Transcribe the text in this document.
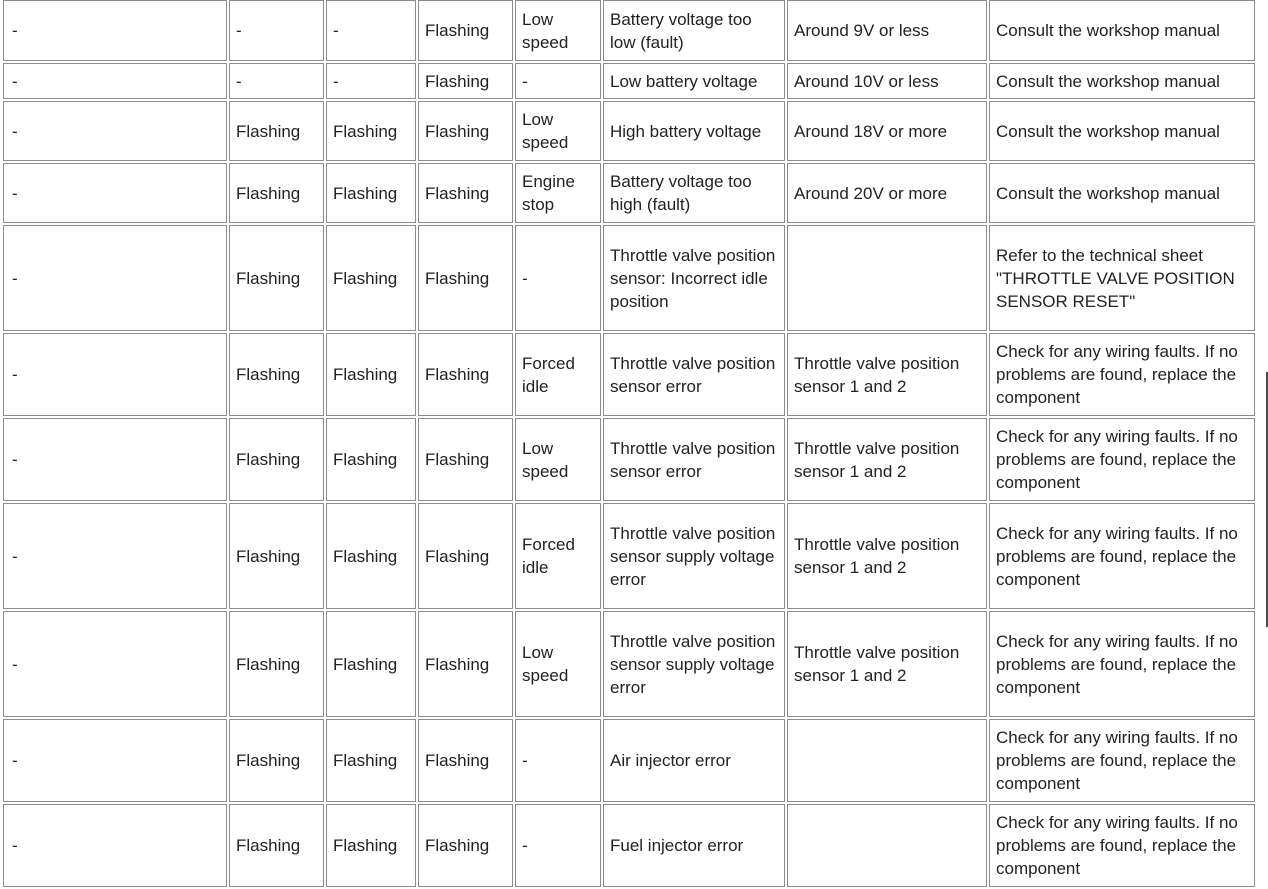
-	-	-	Flashing	Low speed	Battery voltage too low (fault)	Around 9V or less	Consult the workshop manual
-	-	-	Flashing	-	Low battery voltage	Around 10V or less	Consult the workshop manual
-	Flashing	Flashing	Flashing	Low speed	High battery voltage	Around 18V or more	Consult the workshop manual
-	Flashing	Flashing	Flashing	Engine stop	Battery voltage too high (fault)	Around 20V or more	Consult the workshop manual
-	Flashing	Flashing	Flashing	-	Throttle valve position sensor: Incorrect idle position		Refer to the technical sheet "THROTTLE VALVE POSITION SENSOR RESET"
-	Flashing	Flashing	Flashing	Forced idle	Throttle valve position sensor error	Throttle valve position sensor 1 and 2	Check for any wiring faults. If no problems are found, replace the component
-	Flashing	Flashing	Flashing	Low speed	Throttle valve position sensor error	Throttle valve position sensor 1 and 2	Check for any wiring faults. If no problems are found, replace the component
-	Flashing	Flashing	Flashing	Forced idle	Throttle valve position sensor supply voltage error	Throttle valve position sensor 1 and 2	Check for any wiring faults. If no problems are found, replace the component
-	Flashing	Flashing	Flashing	Low speed	Throttle valve position sensor supply voltage error	Throttle valve position sensor 1 and 2	Check for any wiring faults. If no problems are found, replace the component
-	Flashing	Flashing	Flashing	-	Air injector error		Check for any wiring faults. If no problems are found, replace the component
-	Flashing	Flashing	Flashing	-	Fuel injector error		Check for any wiring faults. If no problems are found, replace the component
